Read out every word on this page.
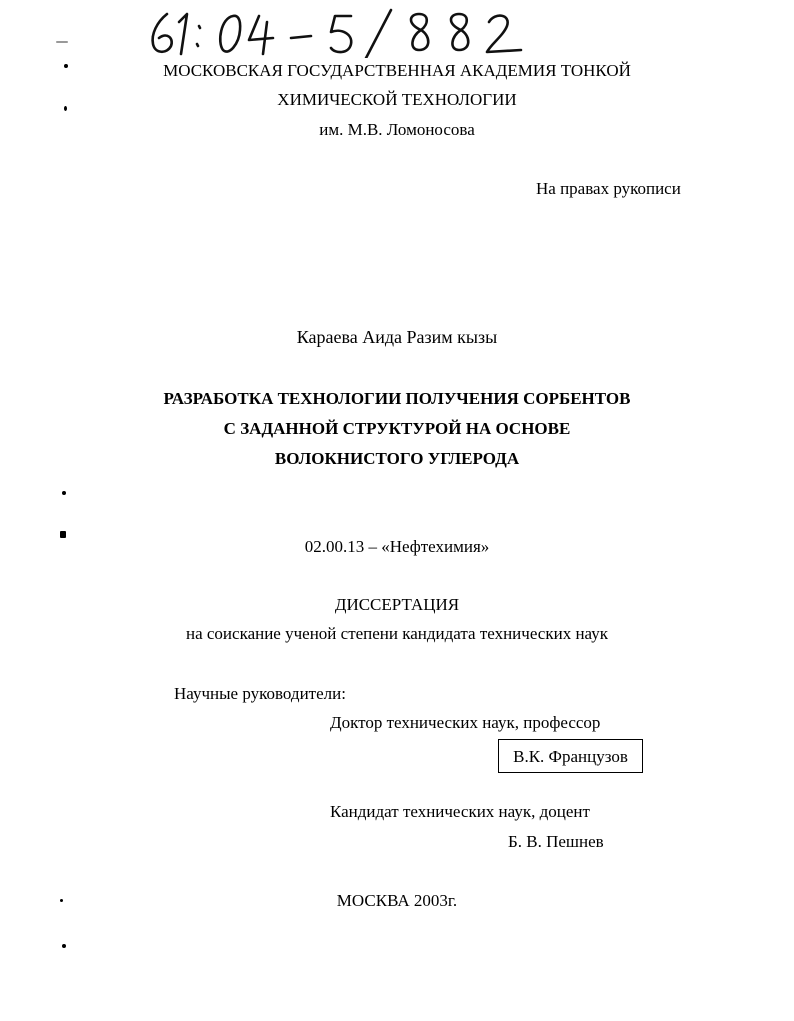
МОСКОВСКАЯ ГОСУДАРСТВЕННАЯ АКАДЕМИЯ ТОНКОЙ
ХИМИЧЕСКОЙ ТЕХНОЛОГИИ
им. М.В. Ломоносова
На правах рукописи
Караева Аида Разим кызы
РАЗРАБОТКА ТЕХНОЛОГИИ ПОЛУЧЕНИЯ СОРБЕНТОВ
С ЗАДАННОЙ СТРУКТУРОЙ НА ОСНОВЕ
ВОЛОКНИСТОГО УГЛЕРОДА
02.00.13 – «Нефтехимия»
ДИССЕРТАЦИЯ
на соискание ученой степени кандидата технических наук
Научные руководители:
Доктор технических наук, профессор
В.К. Французов
Кандидат технических наук, доцент
Б. В. Пешнев
МОСКВА 2003г.
